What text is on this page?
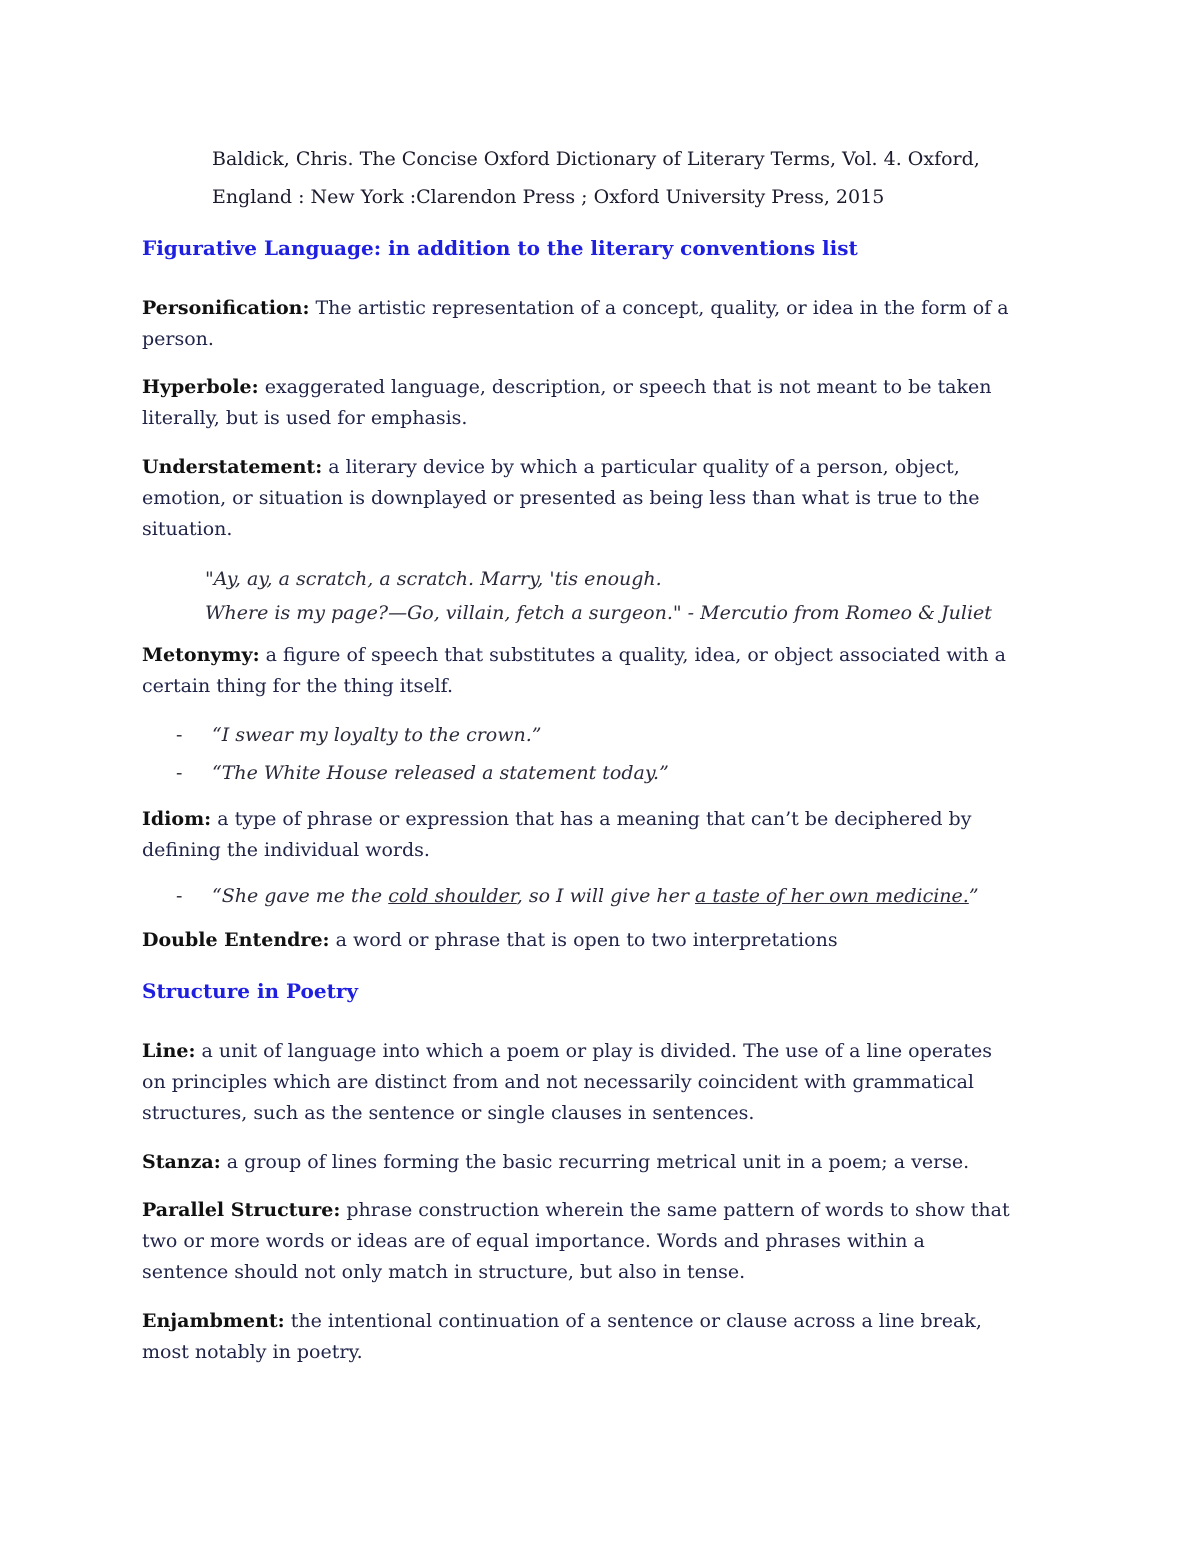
Baldick, Chris. The Concise Oxford Dictionary of Literary Terms, Vol. 4. Oxford,
England : New York :Clarendon Press ; Oxford University Press, 2015
Figurative Language: in addition to the literary conventions list
Personification: The artistic representation of a concept, quality, or idea in the form of a person.
Hyperbole: exaggerated language, description, or speech that is not meant to be taken literally, but is used for emphasis.
Understatement: a literary device by which a particular quality of a person, object, emotion, or situation is downplayed or presented as being less than what is true to the situation.
"Ay, ay, a scratch, a scratch. Marry, 'tis enough.
Where is my page?—Go, villain, fetch a surgeon." - Mercutio from Romeo & Juliet
Metonymy: a figure of speech that substitutes a quality, idea, or object associated with a certain thing for the thing itself.
- “I swear my loyalty to the crown.”
- “The White House released a statement today.”
Idiom: a type of phrase or expression that has a meaning that can’t be deciphered by defining the individual words.
- “She gave me the cold shoulder, so I will give her a taste of her own medicine.”
Double Entendre: a word or phrase that is open to two interpretations
Structure in Poetry
Line: a unit of language into which a poem or play is divided. The use of a line operates on principles which are distinct from and not necessarily coincident with grammatical structures, such as the sentence or single clauses in sentences.
Stanza: a group of lines forming the basic recurring metrical unit in a poem; a verse.
Parallel Structure: phrase construction wherein the same pattern of words to show that two or more words or ideas are of equal importance. Words and phrases within a sentence should not only match in structure, but also in tense.
Enjambment: the intentional continuation of a sentence or clause across a line break, most notably in poetry.
